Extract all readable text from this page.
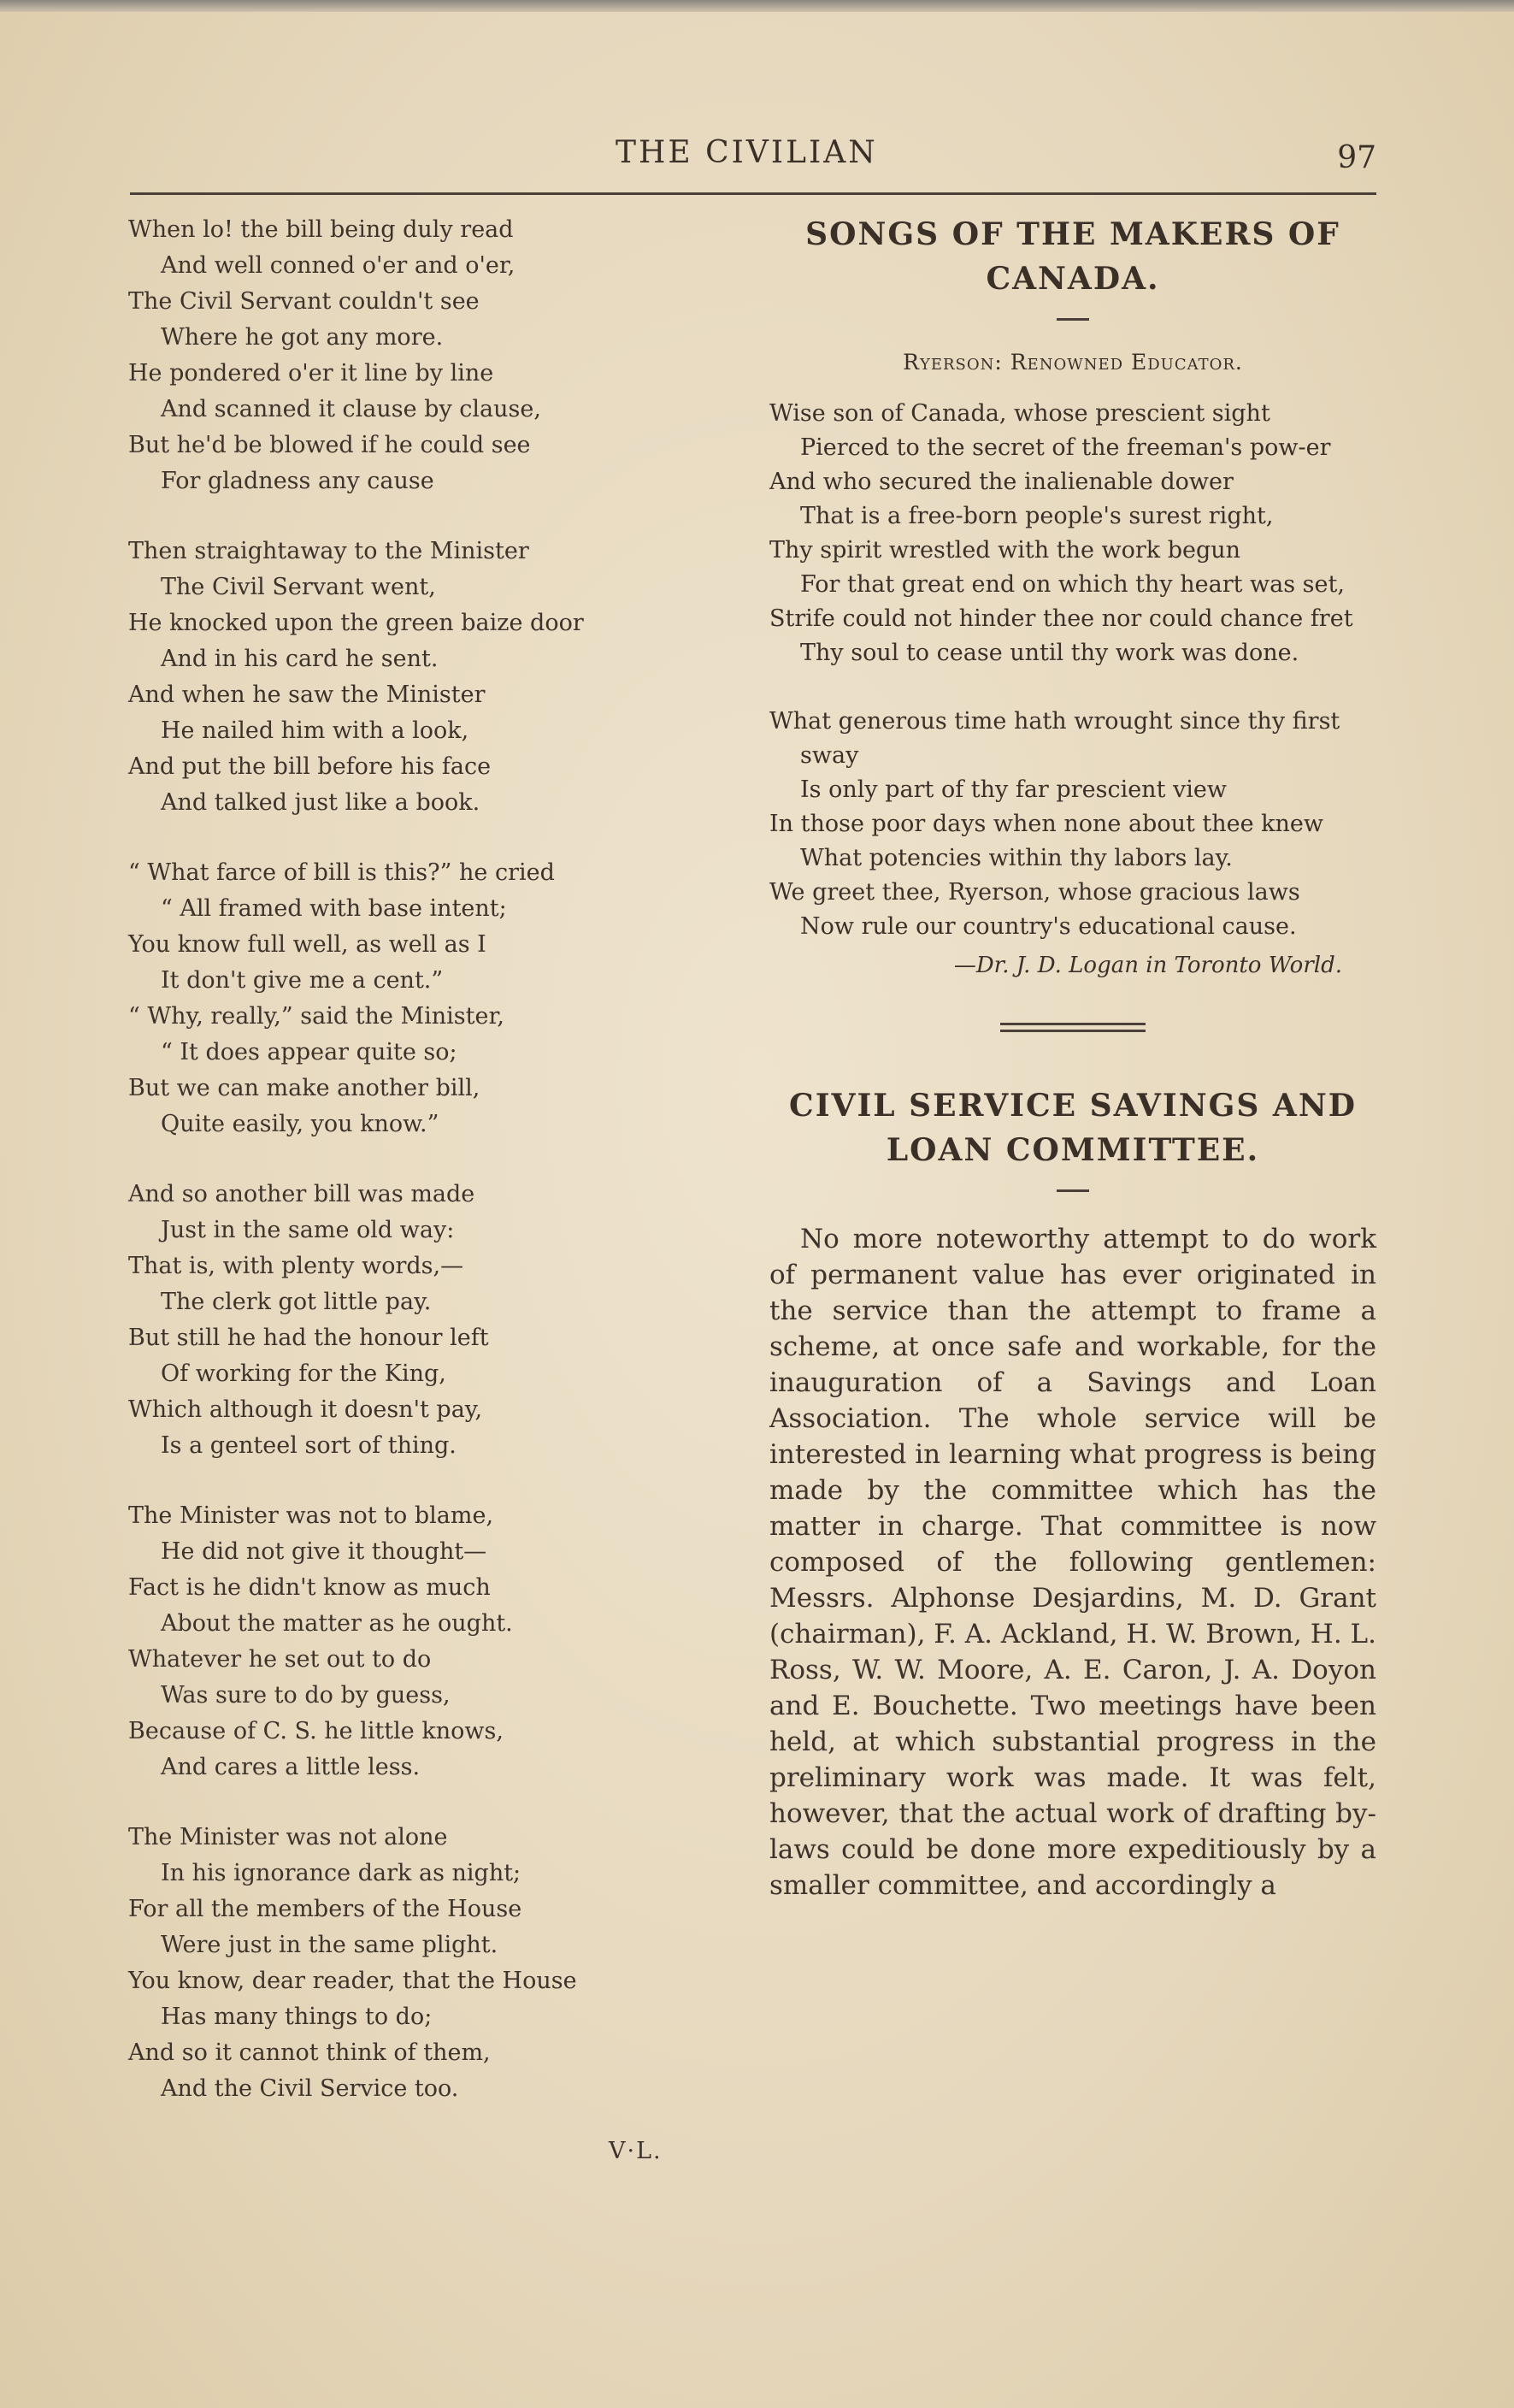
THE CIVILIAN	97
When lo! the bill being duly read
And well conned o'er and o'er,
The Civil Servant couldn't see
Where he got any more.
He pondered o'er it line by line
And scanned it clause by clause,
But he'd be blowed if he could see
For gladness any cause
Then straightaway to the Minister
The Civil Servant went,
He knocked upon the green baize door
And in his card he sent.
And when he saw the Minister
He nailed him with a look,
And put the bill before his face
And talked just like a book.
“ What farce of bill is this?” he cried
“ All framed with base intent;
You know full well, as well as I
It don't give me a cent.”
“ Why, really,” said the Minister,
“ It does appear quite so;
But we can make another bill,
Quite easily, you know.”
And so another bill was made
Just in the same old way:
That is, with plenty words,—
The clerk got little pay.
But still he had the honour left
Of working for the King,
Which although it doesn't pay,
Is a genteel sort of thing.
The Minister was not to blame,
He did not give it thought—
Fact is he didn't know as much
About the matter as he ought.
Whatever he set out to do
Was sure to do by guess,
Because of C. S. he little knows,
And cares a little less.
The Minister was not alone
In his ignorance dark as night;
For all the members of the House
Were just in the same plight.
You know, dear reader, that the House
Has many things to do;
And so it cannot think of them,
And the Civil Service too.
V·L.
SONGS OF THE MAKERS OF CANADA.
Ryerson: Renowned Educator.
Wise son of Canada, whose prescient sight
Pierced to the secret of the freeman's pow-er
And who secured the inalienable dower
That is a free-born people's surest right,
Thy spirit wrestled with the work begun
For that great end on which thy heart was set,
Strife could not hinder thee nor could chance fret
Thy soul to cease until thy work was done.
What generous time hath wrought since thy first sway
Is only part of thy far prescient view
In those poor days when none about thee knew
What potencies within thy labors lay.
We greet thee, Ryerson, whose gracious laws
Now rule our country's educational cause.
—Dr. J. D. Logan in Toronto World.
CIVIL SERVICE SAVINGS AND LOAN COMMITTEE.
No more noteworthy attempt to do work of permanent value has ever originated in the service than the attempt to frame a scheme, at once safe and workable, for the inauguration of a Savings and Loan Association. The whole service will be interested in learning what progress is being made by the committee which has the matter in charge. That committee is now composed of the following gentlemen: Messrs. Alphonse Desjardins, M. D. Grant (chairman), F. A. Ackland, H. W. Brown, H. L. Ross, W. W. Moore, A. E. Caron, J. A. Doyon and E. Bouchette. Two meetings have been held, at which substantial progress in the preliminary work was made. It was felt, however, that the actual work of drafting by-laws could be done more expeditiously by a smaller committee, and accordingly a
